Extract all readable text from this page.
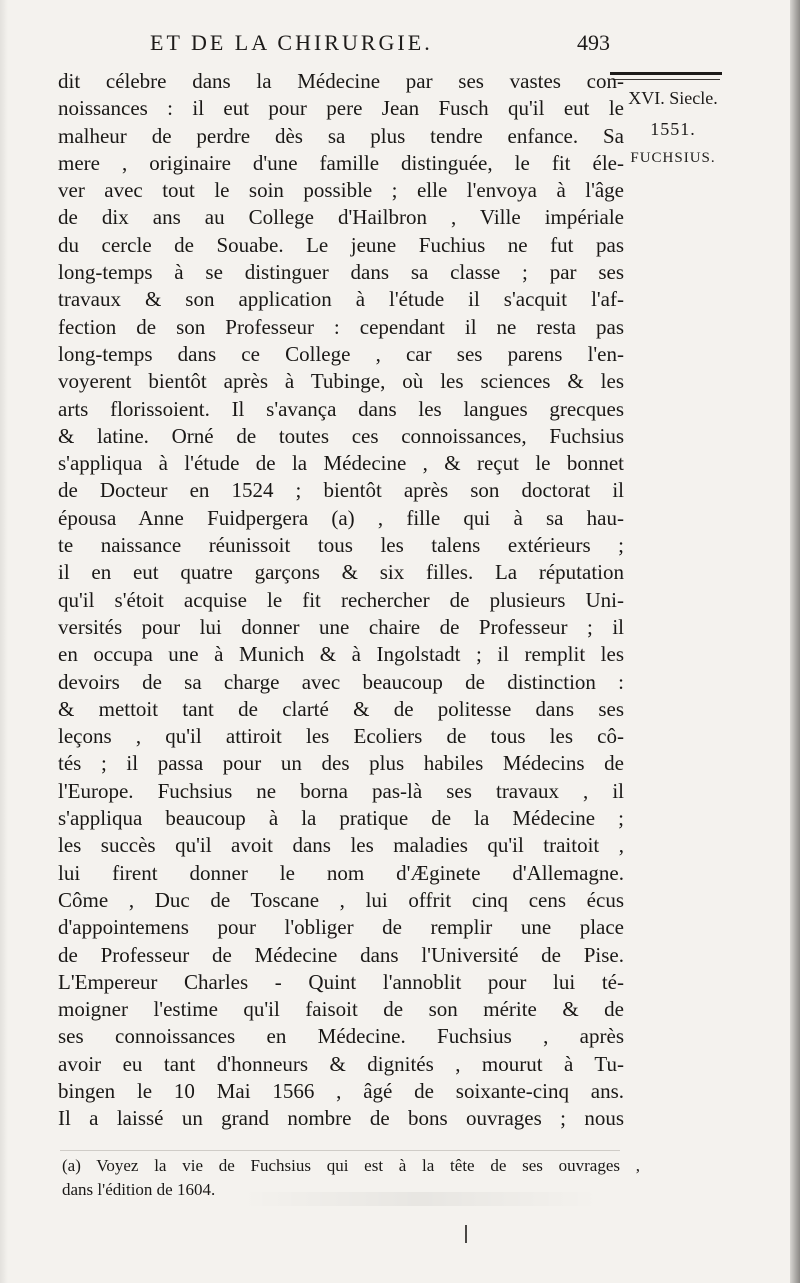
ET DE LA CHIRURGIE.	493
XVI. Siecle.
1551.
FUCHSIUS.
dit célebre dans la Médecine par ses vastes con-
noissances : il eut pour pere Jean Fusch qu'il eut le
malheur de perdre dès sa plus tendre enfance. Sa
mere , originaire d'une famille distinguée, le fit éle-
ver avec tout le soin possible ; elle l'envoya à l'âge
de dix ans au College d'Hailbron , Ville impériale
du cercle de Souabe. Le jeune Fuchius ne fut pas
long-temps à se distinguer dans sa classe ; par ses
travaux & son application à l'étude il s'acquit l'af-
fection de son Professeur : cependant il ne resta pas
long-temps dans ce College , car ses parens l'en-
voyerent bientôt après à Tubinge, où les sciences & les
arts florissoient. Il s'avança dans les langues grecques
& latine. Orné de toutes ces connoissances, Fuchsius
s'appliqua à l'étude de la Médecine , & reçut le bonnet
de Docteur en 1524 ; bientôt après son doctorat il
épousa Anne Fuidpergera (a) , fille qui à sa hau-
te naissance réunissoit tous les talens extérieurs ;
il en eut quatre garçons & six filles. La réputation
qu'il s'étoit acquise le fit rechercher de plusieurs Uni-
versités pour lui donner une chaire de Professeur ; il
en occupa une à Munich & à Ingolstadt ; il remplit les
devoirs de sa charge avec beaucoup de distinction :
& mettoit tant de clarté & de politesse dans ses
leçons , qu'il attiroit les Ecoliers de tous les cô-
tés ; il passa pour un des plus habiles Médecins de
l'Europe. Fuchsius ne borna pas-là ses travaux , il
s'appliqua beaucoup à la pratique de la Médecine ;
les succès qu'il avoit dans les maladies qu'il traitoit ,
lui firent donner le nom d'Æginete d'Allemagne.
Côme , Duc de Toscane , lui offrit cinq cens écus
d'appointemens pour l'obliger de remplir une place
de Professeur de Médecine dans l'Université de Pise.
L'Empereur Charles - Quint l'annoblit pour lui té-
moigner l'estime qu'il faisoit de son mérite & de
ses connoissances en Médecine. Fuchsius , après
avoir eu tant d'honneurs & dignités , mourut à Tu-
bingen le 10 Mai 1566 , âgé de soixante-cinq ans.
Il a laissé un grand nombre de bons ouvrages ; nous
(a) Voyez la vie de Fuchsius qui est à la tête de ses ouvrages ,
dans l'édition de 1604.
